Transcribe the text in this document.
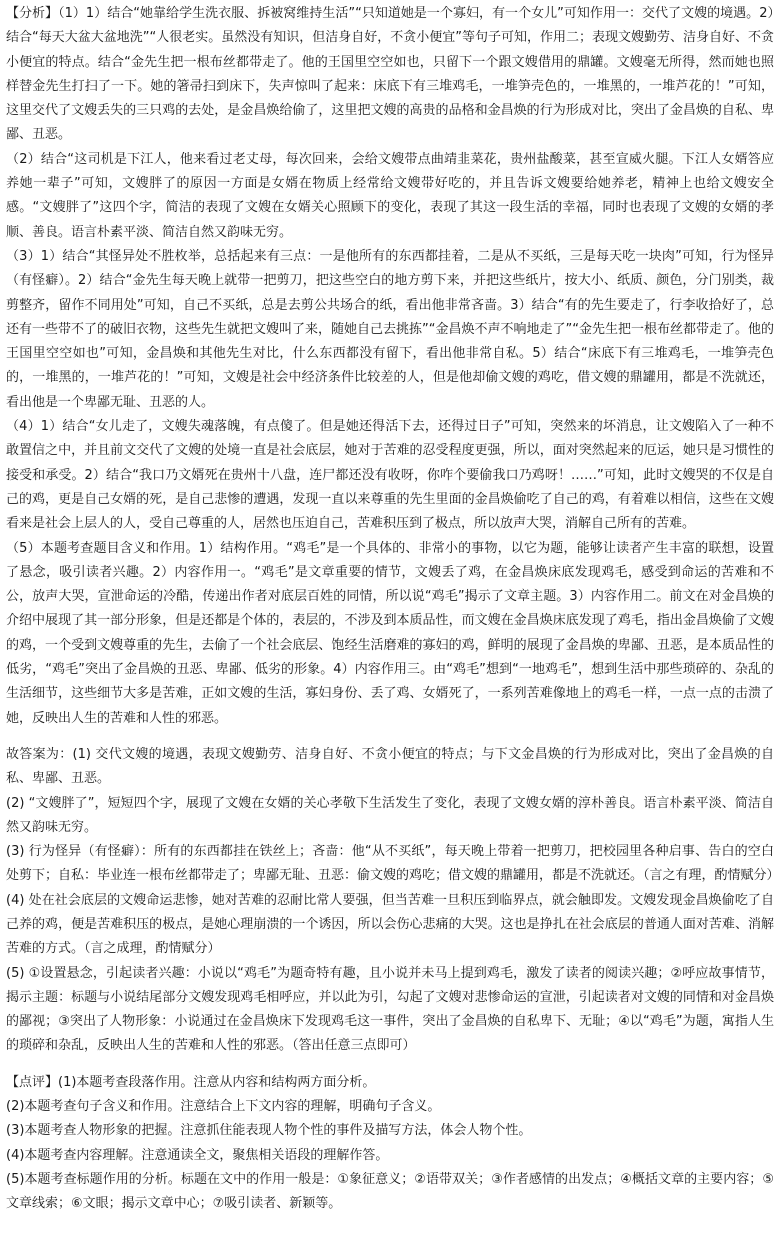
【分析】（1）1）结合“她靠给学生洗衣服、拆被窝维持生活”“只知道她是一个寡妇，有一个女儿”可知作用一：交代了文嫂的境遇。2）结合“每天大盆大盆地洗”“人很老实。虽然没有知识，但洁身自好，不贪小便宜”等句子可知，作用二；表现文嫂勤劳、洁身自好、不贪小便宜的特点。结合“金先生把一根布丝都带走了。他的王国里空空如也，只留下一个跟文嫂借用的鼎罐。文嫂毫无所得，然而她也照样替金先生打扫了一下。她的箸帚扫到床下，失声惊叫了起来：床底下有三堆鸡毛，一堆笋壳色的，一堆黑的，一堆芦花的！”可知，这里交代了文嫂丢失的三只鸡的去处，是金昌焕给偷了，这里把文嫂的高贵的品格和金昌焕的行为形成对比，突出了金昌焕的自私、卑鄙、丑恶。

（2）结合“这司机是下江人，他来看过老丈母，每次回来，会给文嫂带点曲靖韭菜花，贵州盐酸菜，甚至宣威火腿。下江人女婿答应养她一辈子”可知，文嫂胖了的原因一方面是女婿在物质上经常给文嫂带好吃的，并且告诉文嫂要给她养老，精神上也给文嫂安全感。“文嫂胖了”这四个字，简洁的表现了文嫂在女婿关心照顾下的变化，表现了其这一段生活的幸福，同时也表现了文嫂的女婿的孝顺、善良。语言朴素平淡、简洁自然又韵味无穷。

（3）1）结合“其怪异处不胜枚举，总括起来有三点：一是他所有的东西都挂着，二是从不买纸，三是每天吃一块肉”可知，行为怪异（有怪癖）。2）结合“金先生每天晚上就带一把剪刀，把这些空白的地方剪下来，并把这些纸片，按大小、纸质、颜色，分门别类，裁剪整齐，留作不同用处”可知，自己不买纸，总是去剪公共场合的纸，看出他非常吝啬。3）结合“有的先生要走了，行李收拾好了，总还有一些带不了的破旧衣物，这些先生就把文嫂叫了来，随她自己去挑拣”“金昌焕不声不响地走了”“金先生把一根布丝都带走了。他的王国里空空如也”可知，金昌焕和其他先生对比，什么东西都没有留下，看出他非常自私。5）结合“床底下有三堆鸡毛，一堆笋壳色的，一堆黑的，一堆芦花的！”可知，文嫂是社会中经济条件比较差的人，但是他却偷文嫂的鸡吃，借文嫂的鼎罐用，都是不洗就还，看出他是一个卑鄙无耻、丑恶的人。

（4）1）结合“女儿走了，文嫂失魂落魄，有点傻了。但是她还得活下去，还得过日子”可知，突然来的坏消息，让文嫂陷入了一种不敢置信之中，并且前文交代了文嫂的处境一直是社会底层，她对于苦难的忍受程度更强，所以，面对突然起来的厄运，她只是习惯性的接受和承受。2）结合“我口乃文婿死在贵州十八盘，连尸都还没有收呀，你咋个要偷我口乃鸡呀！……”可知，此时文嫂哭的不仅是自己的鸡，更是自己女婿的死，是自己悲惨的遭遇，发现一直以来尊重的先生里面的金昌焕偷吃了自己的鸡，有着难以相信，这些在文嫂看来是社会上层人的人，受自己尊重的人，居然也压迫自己，苦难积压到了极点，所以放声大哭，消解自己所有的苦难。

（5）本题考查题目含义和作用。1）结构作用。“鸡毛”是一个具体的、非常小的事物，以它为题，能够让读者产生丰富的联想，设置了悬念，吸引读者兴趣。2）内容作用一。“鸡毛”是文章重要的情节，文嫂丢了鸡，在金昌焕床底发现鸡毛，感受到命运的苦难和不公，放声大哭，宣泄命运的冷酷，传递出作者对底层百姓的同情，所以说“鸡毛”揭示了文章主题。3）内容作用二。前文在对金昌焕的介绍中展现了其一部分形象，但是还都是个体的，表层的，不涉及到本质品性，而文嫂在金昌焕床底发现了鸡毛，指出金昌焕偷了文嫂的鸡，一个受到文嫂尊重的先生，去偷了一个社会底层、饱经生活磨难的寡妇的鸡，鲜明的展现了金昌焕的卑鄙、丑恶，是本质品性的低劣，“鸡毛”突出了金昌焕的丑恶、卑鄙、低劣的形象。4）内容作用三。由“鸡毛”想到“一地鸡毛”，想到生活中那些琐碎的、杂乱的生活细节，这些细节大多是苦难，正如文嫂的生活，寡妇身份、丢了鸡、女婿死了，一系列苦难像地上的鸡毛一样，一点一点的击溃了她，反映出人生的苦难和人性的邪恶。

故答案为：(1) 交代文嫂的境遇，表现文嫂勤劳、洁身自好、不贪小便宜的特点；与下文金昌焕的行为形成对比，突出了金昌焕的自私、卑鄙、丑恶。

(2) “文嫂胖了”，短短四个字，展现了文嫂在女婿的关心孝敬下生活发生了变化，表现了文嫂女婿的淳朴善良。语言朴素平淡、简洁自然又韵味无穷。

(3) 行为怪异（有怪癖）：所有的东西都挂在铁丝上；吝啬：他“从不买纸”，每天晚上带着一把剪刀，把校园里各种启事、告白的空白处剪下；自私：毕业连一根布丝都带走了；卑鄙无耻、丑恶：偷文嫂的鸡吃；借文嫂的鼎罐用，都是不洗就还。（言之有理，酌情赋分）

(4) 处在社会底层的文嫂命运悲惨，她对苦难的忍耐比常人要强，但当苦难一旦积压到临界点，就会触即发。文嫂发现金昌焕偷吃了自己养的鸡，便是苦难积压的极点，是她心理崩溃的一个诱因，所以会伤心悲痛的大哭。这也是挣扎在社会底层的普通人面对苦难、消解苦难的方式。（言之成理，酌情赋分）

(5) ①设置悬念，引起读者兴趣：小说以“鸡毛”为题奇特有趣，且小说并未马上提到鸡毛，激发了读者的阅读兴趣；②呼应故事情节，揭示主题：标题与小说结尾部分文嫂发现鸡毛相呼应，并以此为引，勾起了文嫂对悲惨命运的宣泄，引起读者对文嫂的同情和对金昌焕的鄙视；③突出了人物形象：小说通过在金昌焕床下发现鸡毛这一事件，突出了金昌焕的自私卑下、无耻；④以“鸡毛”为题，寓指人生的琐碎和杂乱，反映出人生的苦难和人性的邪恶。（答出任意三点即可）

【点评】(1)本题考查段落作用。注意从内容和结构两方面分析。

(2)本题考查句子含义和作用。注意结合上下文内容的理解，明确句子含义。

(3)本题考查人物形象的把握。注意抓住能表现人物个性的事件及描写方法，体会人物个性。

(4)本题考查内容理解。注意通读全文，聚焦相关语段的理解作答。

(5)本题考查标题作用的分析。标题在文中的作用一般是：①象征意义；②语带双关；③作者感情的出发点；④概括文章的主要内容；⑤文章线索；⑥文眼；揭示文章中心；⑦吸引读者、新颖等。
